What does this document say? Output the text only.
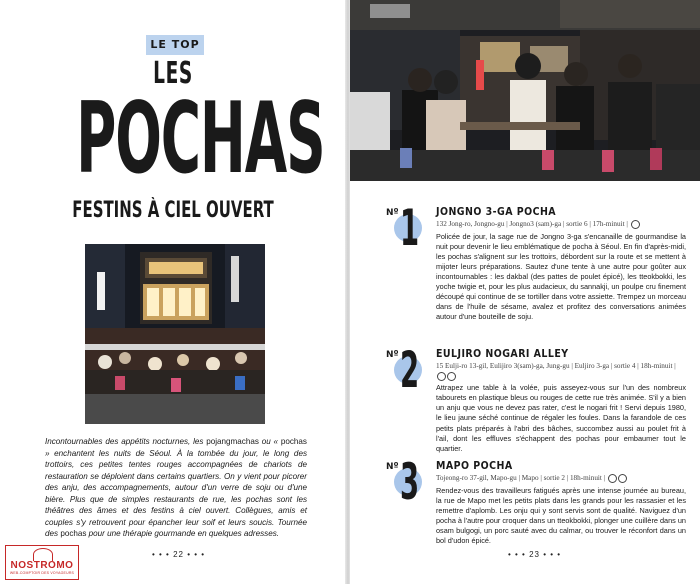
LE TOP
LES
POCHAS
FESTINS À CIEL OUVERT
Incontournables des appétits nocturnes, les pojangmachas ou « pochas » enchantent les nuits de Séoul. À la tombée du jour, le long des trottoirs, ces petites tentes rouges accompagnées de chariots de restauration se déploient dans certains quartiers. On y vient pour picorer des anju, des accompagnements, autour d'un verre de soju ou d'une bière. Plus que de simples restaurants de rue, les pochas sont les théâtres des âmes et des festins à ciel ouvert. Collègues, amis et couples s'y retrouvent pour épancher leur soif et leurs soucis. Tournée des pochas pour une thérapie gourmande en quelques adresses.
• • • 22 • • •
NOSTROMO
WEB-COMPTOIR DES VOYAGEURS
Nº 1 JONGNO 3-GA POCHA
132 Jong-ro, Jongno-gu | Jongno3 (sam)-ga | sortie 6 | 17h-minuit |
Policée de jour, la sage rue de Jongno 3-ga s'encanaille de gourmandise la nuit pour devenir le lieu emblématique de pocha à Séoul. En fin d'après-midi, les pochas s'alignent sur les trottoirs, débordent sur la route et se mettent à mijoter leurs préparations. Sautez d'une tente à une autre pour goûter aux incontournables : les dakbal (des pattes de poulet épicé), les tteokbokki, les yoche twigie et, pour les plus audacieux, du sannakji, un poulpe cru finement découpé qui continue de se tortiller dans votre assiette. Trempez un morceau dans de l'huile de sésame, avalez et profitez des conversations animées autour d'une bouteille de soju.
Nº 2 EULJIRO NOGARI ALLEY
15 Eulji-ro 13-gil, Eulijiro 3(sam)-ga, Jung-gu | Euljiro 3-ga | sortie 4 | 18h-minuit |
Attrapez une table à la volée, puis asseyez-vous sur l'un des nombreux tabourets en plastique bleus ou rouges de cette rue très animée. S'il y a bien un anju que vous ne devez pas rater, c'est le nogari frit ! Servi depuis 1980, le lieu jaune séché continue de régaler les foules. Dans la farandole de ces petits plats préparés à l'abri des bâches, succombez aussi au poulet frit à l'ail, dont les effluves s'échappent des pochas pour embaumer tout le quartier.
Nº 3 MAPO POCHA
Tojeong-ro 37-gil, Mapo-gu | Mapo | sortie 2 | 18h-minuit |
Rendez-vous des travailleurs fatigués après une intense journée au bureau, la rue de Mapo met les petits plats dans les grands pour les rassasier et les remettre d'aplomb. Les onju qui y sont servis sont de qualité. Naviguez d'un pocha à l'autre pour croquer dans un tteokbokki, plonger une cuillère dans un osam bulgogi, un porc sauté avec du calmar, ou trouver le réconfort dans un bol d'udon épicé.
• • • 23 • • •
